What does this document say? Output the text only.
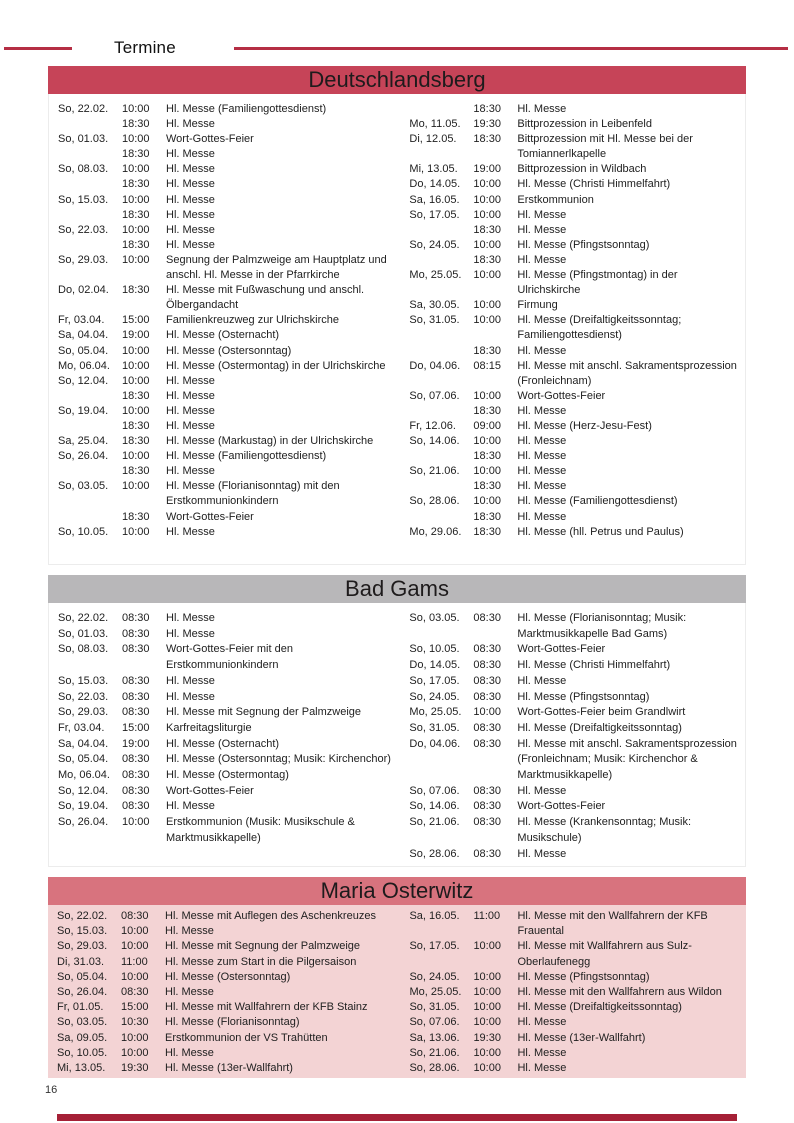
Termine
Deutschlandsberg
So, 22.02.	10:00	Hl. Messe (Familiengottesdienst)
18:30	Hl. Messe
So, 01.03.	10:00	Wort-Gottes-Feier
18:30	Hl. Messe
So, 08.03.	10:00	Hl. Messe
18:30	Hl. Messe
So, 15.03.	10:00	Hl. Messe
18:30	Hl. Messe
So, 22.03.	10:00	Hl. Messe
18:30	Hl. Messe
So, 29.03.	10:00	Segnung der Palmzweige am Hauptplatz und anschl. Hl. Messe in der Pfarrkirche
Do, 02.04.	18:30	Hl. Messe mit Fußwaschung und anschl. Ölbergandacht
Fr, 03.04.	15:00	Familienkreuzweg zur Ulrichskirche
Sa, 04.04.	19:00	Hl. Messe (Osternacht)
So, 05.04.	10:00	Hl. Messe (Ostersonntag)
Mo, 06.04.	10:00	Hl. Messe (Ostermontag) in der Ulrichskirche
So, 12.04.	10:00	Hl. Messe
18:30	Hl. Messe
So, 19.04.	10:00	Hl. Messe
18:30	Hl. Messe
Sa, 25.04.	18:30	Hl. Messe (Markustag) in der Ulrichskirche
So, 26.04.	10:00	Hl. Messe (Familiengottesdienst)
18:30	Hl. Messe
So, 03.05.	10:00	Hl. Messe (Florianisonntag) mit den Erstkommunionkindern
18:30	Wort-Gottes-Feier
So, 10.05.	10:00	Hl. Messe
18:30	Hl. Messe
Mo, 11.05.	19:30	Bittprozession in Leibenfeld
Di, 12.05.	18:30	Bittprozession mit Hl. Messe bei der Tomiannerlkapelle
Mi, 13.05.	19:00	Bittprozession in Wildbach
Do, 14.05.	10:00	Hl. Messe (Christi Himmelfahrt)
Sa, 16.05.	10:00	Erstkommunion
So, 17.05.	10:00	Hl. Messe
18:30	Hl. Messe
So, 24.05.	10:00	Hl. Messe (Pfingstsonntag)
18:30	Hl. Messe
Mo, 25.05.	10:00	Hl. Messe (Pfingstmontag) in der Ulrichskirche
Sa, 30.05.	10:00	Firmung
So, 31.05.	10:00	Hl. Messe (Dreifaltigkeitssonntag; Familiengottesdienst)
18:30	Hl. Messe
Do, 04.06.	08:15	Hl. Messe mit anschl. Sakramentsprozession (Fronleichnam)
So, 07.06.	10:00	Wort-Gottes-Feier
18:30	Hl. Messe
Fr, 12.06.	09:00	Hl. Messe (Herz-Jesu-Fest)
So, 14.06.	10:00	Hl. Messe
18:30	Hl. Messe
So, 21.06.	10:00	Hl. Messe
18:30	Hl. Messe
So, 28.06.	10:00	Hl. Messe (Familiengottesdienst)
18:30	Hl. Messe
Mo, 29.06.	18:30	Hl. Messe (hll. Petrus und Paulus)
Bad Gams
So, 22.02.	08:30	Hl. Messe
So, 01.03.	08:30	Hl. Messe
So, 08.03.	08:30	Wort-Gottes-Feier mit den Erstkommunionkindern
So, 15.03.	08:30	Hl. Messe
So, 22.03.	08:30	Hl. Messe
So, 29.03.	08:30	Hl. Messe mit Segnung der Palmzweige
Fr, 03.04.	15:00	Karfreitagsliturgie
Sa, 04.04.	19:00	Hl. Messe (Osternacht)
So, 05.04.	08:30	Hl. Messe (Ostersonntag; Musik: Kirchenchor)
Mo, 06.04.	08:30	Hl. Messe (Ostermontag)
So, 12.04.	08:30	Wort-Gottes-Feier
So, 19.04.	08:30	Hl. Messe
So, 26.04.	10:00	Erstkommunion (Musik: Musikschule & Marktmusikkapelle)
So, 03.05.	08:30	Hl. Messe (Florianisonntag; Musik: Marktmusikkapelle Bad Gams)
So, 10.05.	08:30	Wort-Gottes-Feier
Do, 14.05.	08:30	Hl. Messe (Christi Himmelfahrt)
So, 17.05.	08:30	Hl. Messe
So, 24.05.	08:30	Hl. Messe (Pfingstsonntag)
Mo, 25.05.	10:00	Wort-Gottes-Feier beim Grandlwirt
So, 31.05.	08:30	Hl. Messe (Dreifaltigkeitssonntag)
Do, 04.06.	08:30	Hl. Messe mit anschl. Sakramentsprozession (Fronleichnam; Musik: Kirchenchor & Marktmusikkapelle)
So, 07.06.	08:30	Hl. Messe
So, 14.06.	08:30	Wort-Gottes-Feier
So, 21.06.	08:30	Hl. Messe (Krankensonntag; Musik: Musikschule)
So, 28.06.	08:30	Hl. Messe
Maria Osterwitz
So, 22.02.	08:30	Hl. Messe mit Auflegen des Aschenkreuzes
So, 15.03.	10:00	Hl. Messe
So, 29.03.	10:00	Hl. Messe mit Segnung der Palmzweige
Di, 31.03.	11:00	Hl. Messe zum Start in die Pilgersaison
So, 05.04.	10:00	Hl. Messe (Ostersonntag)
So, 26.04.	08:30	Hl. Messe
Fr, 01.05.	15:00	Hl. Messe mit Wallfahrern der KFB Stainz
So, 03.05.	10:30	Hl. Messe (Florianisonntag)
Sa, 09.05.	10:00	Erstkommunion der VS Trahütten
So, 10.05.	10:00	Hl. Messe
Mi, 13.05.	19:30	Hl. Messe (13er-Wallfahrt)
Sa, 16.05.	11:00	Hl. Messe mit den Wallfahrern der KFB Frauental
So, 17.05.	10:00	Hl. Messe mit Wallfahrern aus Sulz-Oberlaufenegg
So, 24.05.	10:00	Hl. Messe (Pfingstsonntag)
Mo, 25.05.	10:00	Hl. Messe mit den Wallfahrern aus Wildon
So, 31.05.	10:00	Hl. Messe (Dreifaltigkeitssonntag)
So, 07.06.	10:00	Hl. Messe
Sa, 13.06.	19:30	Hl. Messe (13er-Wallfahrt)
So, 21.06.	10:00	Hl. Messe
So, 28.06.	10:00	Hl. Messe
16
